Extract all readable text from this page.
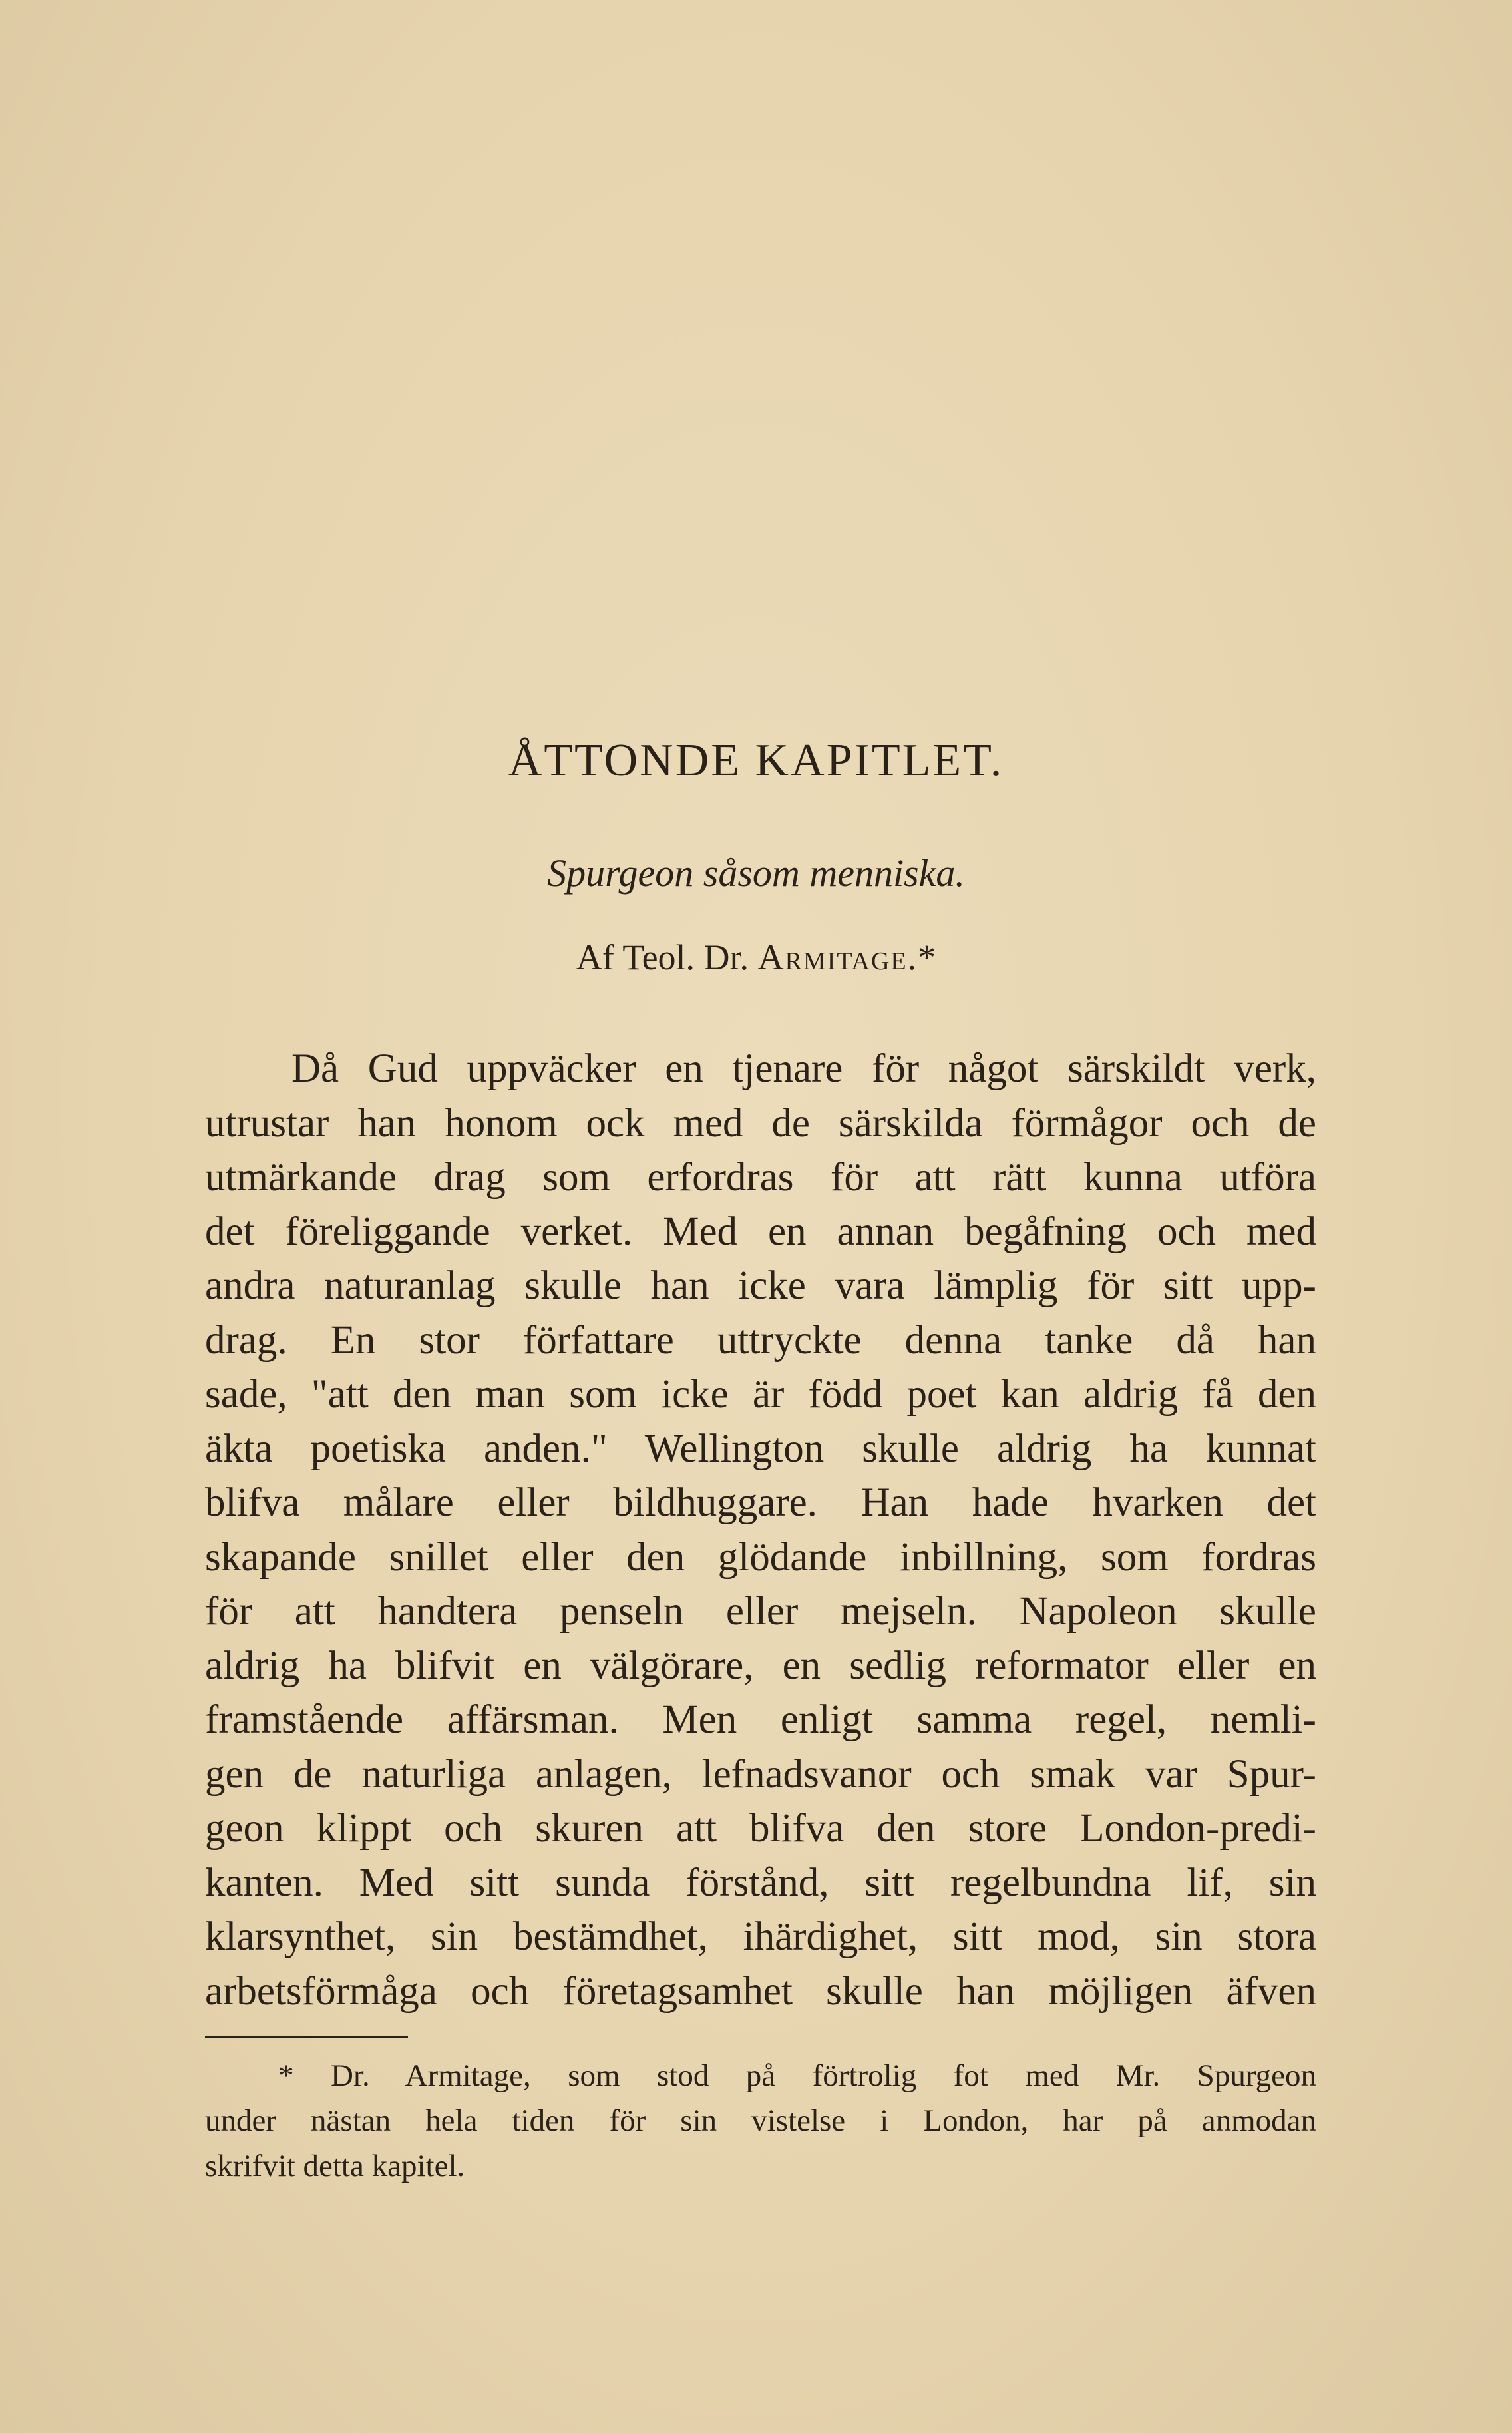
ÅTTONDE KAPITLET.

Spurgeon såsom menniska.

Af Teol. Dr. Armitage.*

Då Gud uppväcker en tjenare för något särskildt verk,
utrustar han honom ock med de särskilda förmågor och de
utmärkande drag som erfordras för att rätt kunna utföra
det föreliggande verket. Med en annan begåfning och med
andra naturanlag skulle han icke vara lämplig för sitt upp-
drag. En stor författare uttryckte denna tanke då han
sade, "att den man som icke är född poet kan aldrig få den
äkta poetiska anden." Wellington skulle aldrig ha kunnat
blifva målare eller bildhuggare. Han hade hvarken det
skapande snillet eller den glödande inbillning, som fordras
för att handtera penseln eller mejseln. Napoleon skulle
aldrig ha blifvit en välgörare, en sedlig reformator eller en
framstående affärsman. Men enligt samma regel, nemli-
gen de naturliga anlagen, lefnadsvanor och smak var Spur-
geon klippt och skuren att blifva den store London-predi-
kanten. Med sitt sunda förstånd, sitt regelbundna lif, sin
klarsynthet, sin bestämdhet, ihärdighet, sitt mod, sin stora
arbetsförmåga och företagsamhet skulle han möjligen äfven
* Dr. Armitage, som stod på förtrolig fot med Mr. Spurgeon
under nästan hela tiden för sin vistelse i London, har på anmodan
skrifvit detta kapitel.
